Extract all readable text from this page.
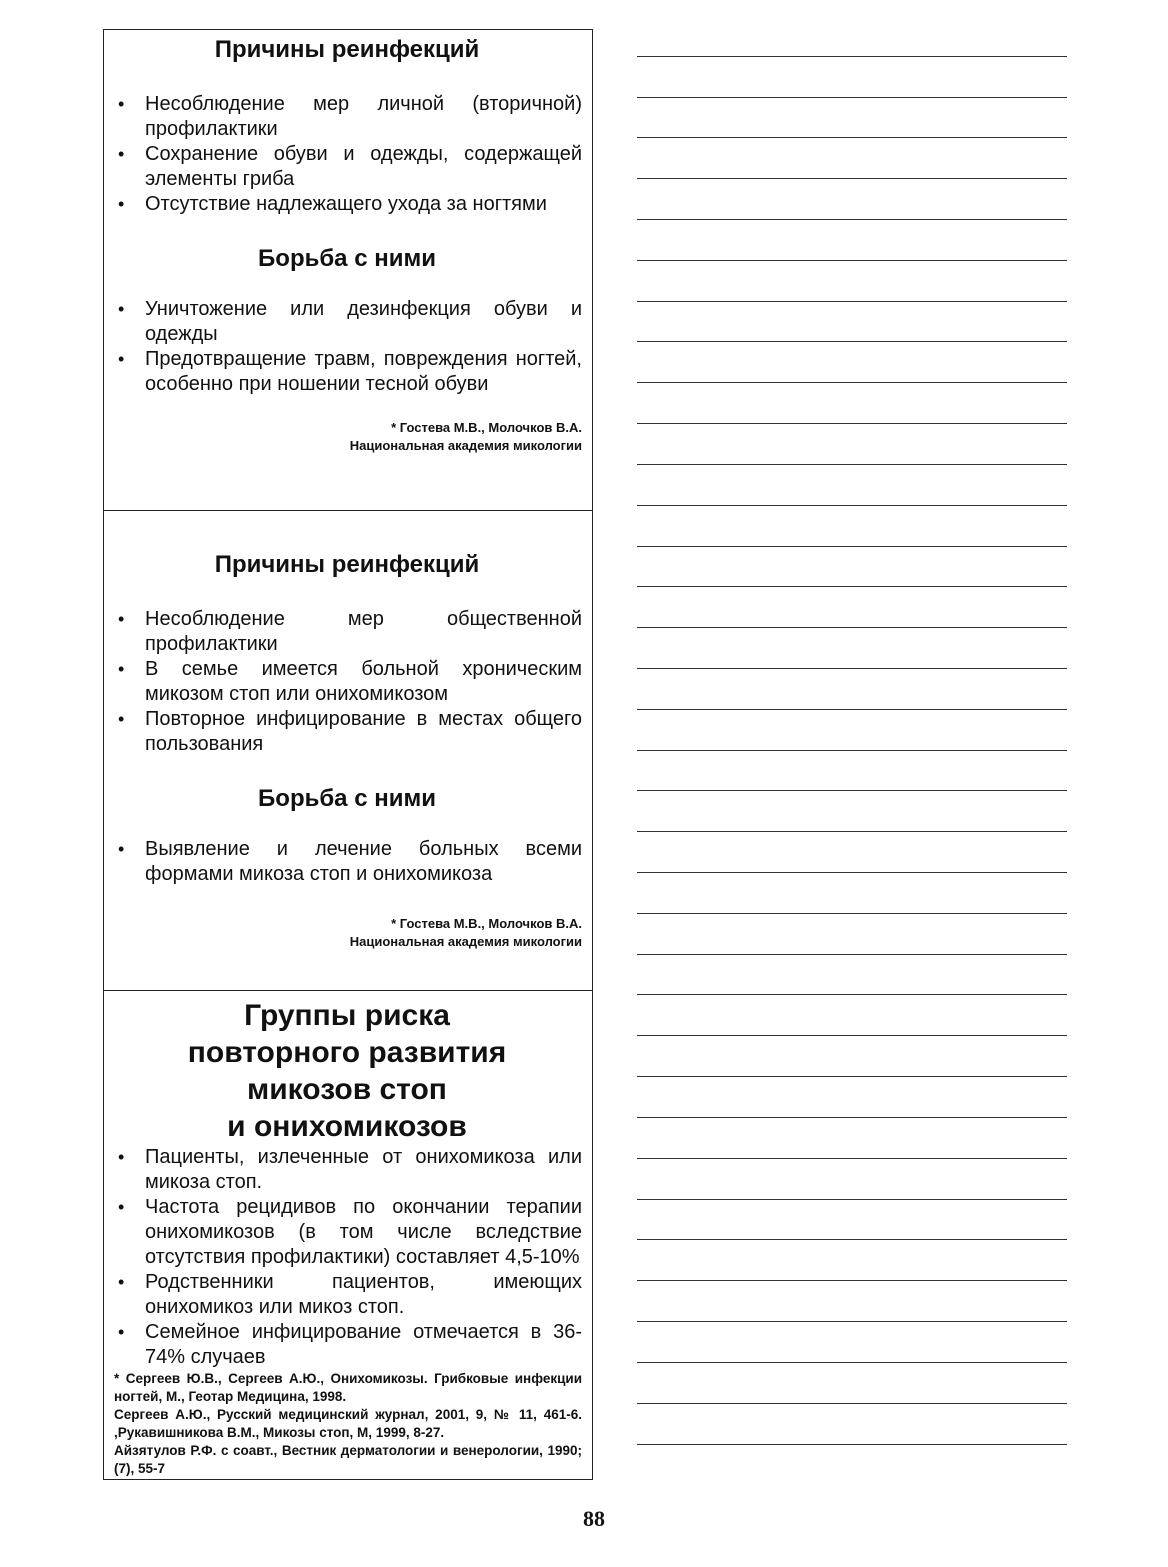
Причины реинфекций
• Несоблюдение мер личной (вторичной) профилактики
• Сохранение обуви и одежды, содержащей элементы гриба
• Отсутствие надлежащего ухода за ногтями
Борьба с ними
• Уничтожение или дезинфекция обуви и одежды
• Предотвращение травм, повреждения ногтей, особенно при ношении тесной обуви
* Гостева М.В., Молочков В.А.
Национальная академия микологии
Причины реинфекций
• Несоблюдение мер общественной профилактики
• В семье имеется больной хроническим микозом стоп или онихомикозом
• Повторное инфицирование в местах общего пользования
Борьба с ними
• Выявление и лечение больных всеми формами микоза стоп и онихомикоза
* Гостева М.В., Молочков В.А.
Национальная академия микологии
Группы риска
повторного развития
микозов стоп
и онихомикозов
• Пациенты, излеченные от онихомикоза или микоза стоп.
• Частота рецидивов по окончании терапии онихомикозов (в том числе вследствие отсутствия профилактики) составляет 4,5-10%
• Родственники пациентов, имеющих онихомикоз или микоз стоп.
• Семейное инфицирование отмечается в 36-74% случаев

* Сергеев Ю.В., Сергеев А.Ю., Онихомикозы. Грибковые инфекции ногтей, М., Геотар Медицина, 1998.

Сергеев А.Ю., Русский медицинский журнал, 2001, 9, № 11, 461-6. ,Рукавишникова В.М., Микозы стоп, М, 1999, 8-27.

Айзятулов Р.Ф. с соавт., Вестник дерматологии и венерологии, 1990; (7), 55-7

88
